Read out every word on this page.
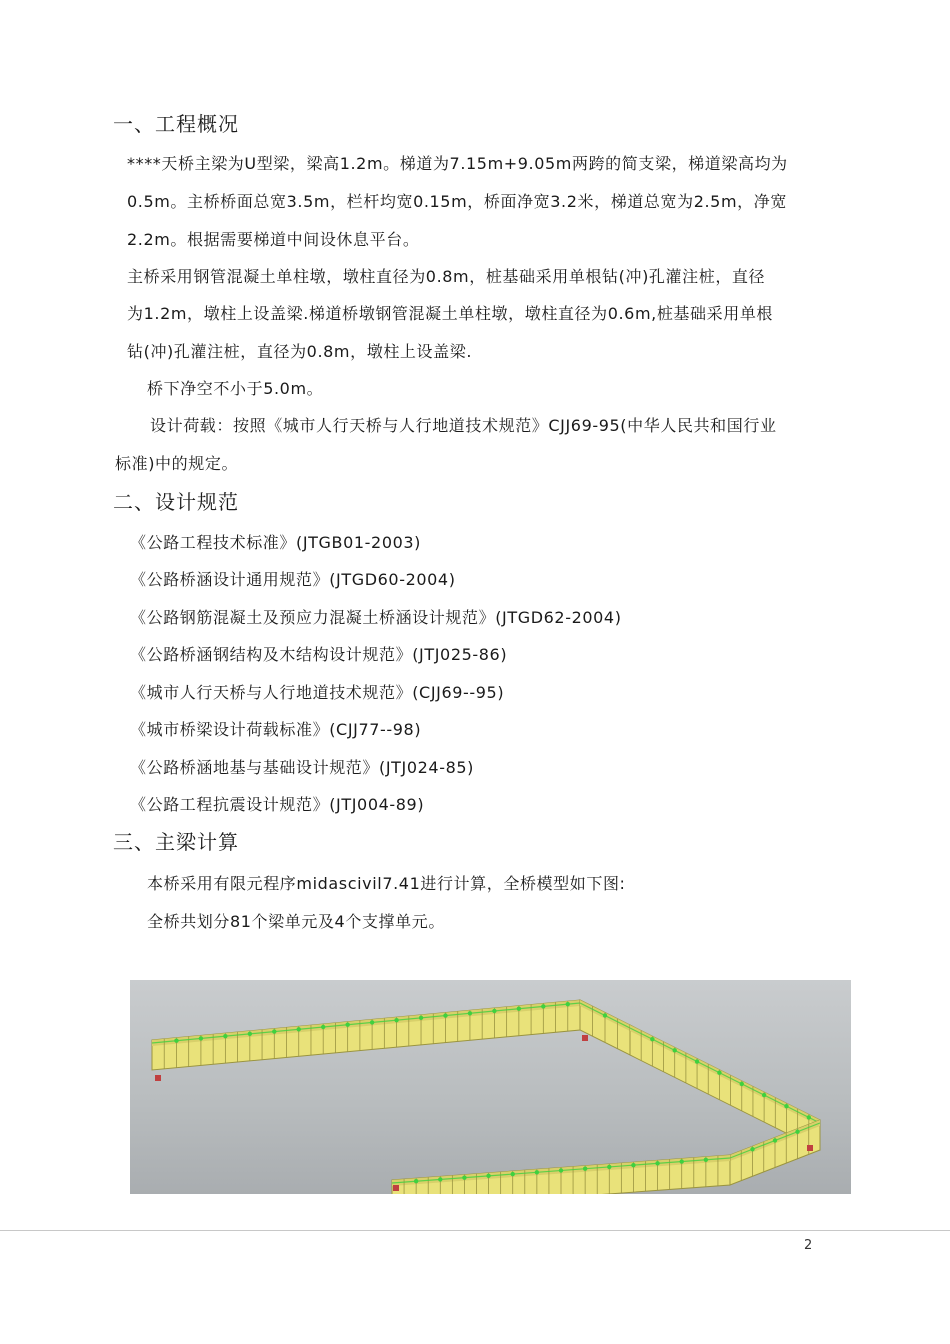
一、工程概况
****天桥主梁为U型梁，梁高1.2m。梯道为7.15m+9.05m两跨的简支梁，梯道梁高均为
0.5m。主桥桥面总宽3.5m，栏杆均宽0.15m，桥面净宽3.2米，梯道总宽为2.5m，净宽
2.2m。根据需要梯道中间设休息平台。
主桥采用钢管混凝土单柱墩，墩柱直径为0.8m，桩基础采用单根钻(冲)孔灌注桩，直径
为1.2m，墩柱上设盖梁.梯道桥墩钢管混凝土单柱墩，墩柱直径为0.6m,桩基础采用单根
钻(冲)孔灌注桩，直径为0.8m，墩柱上设盖梁.
桥下净空不小于5.0m。
设计荷载：按照《城市人行天桥与人行地道技术规范》CJJ69-95(中华人民共和国行业
标准)中的规定。
二、设计规范
《公路工程技术标准》(JTGB01-2003)
《公路桥涵设计通用规范》(JTGD60-2004)
《公路钢筋混凝土及预应力混凝土桥涵设计规范》(JTGD62-2004)
《公路桥涵钢结构及木结构设计规范》(JTJ025-86)
《城市人行天桥与人行地道技术规范》(CJJ69--95)
《城市桥梁设计荷载标准》(CJJ77--98)
《公路桥涵地基与基础设计规范》(JTJ024-85)
《公路工程抗震设计规范》(JTJ004-89)
三、主梁计算
本桥采用有限元程序midascivil7.41进行计算，全桥模型如下图:
全桥共划分81个梁单元及4个支撑单元。
2
